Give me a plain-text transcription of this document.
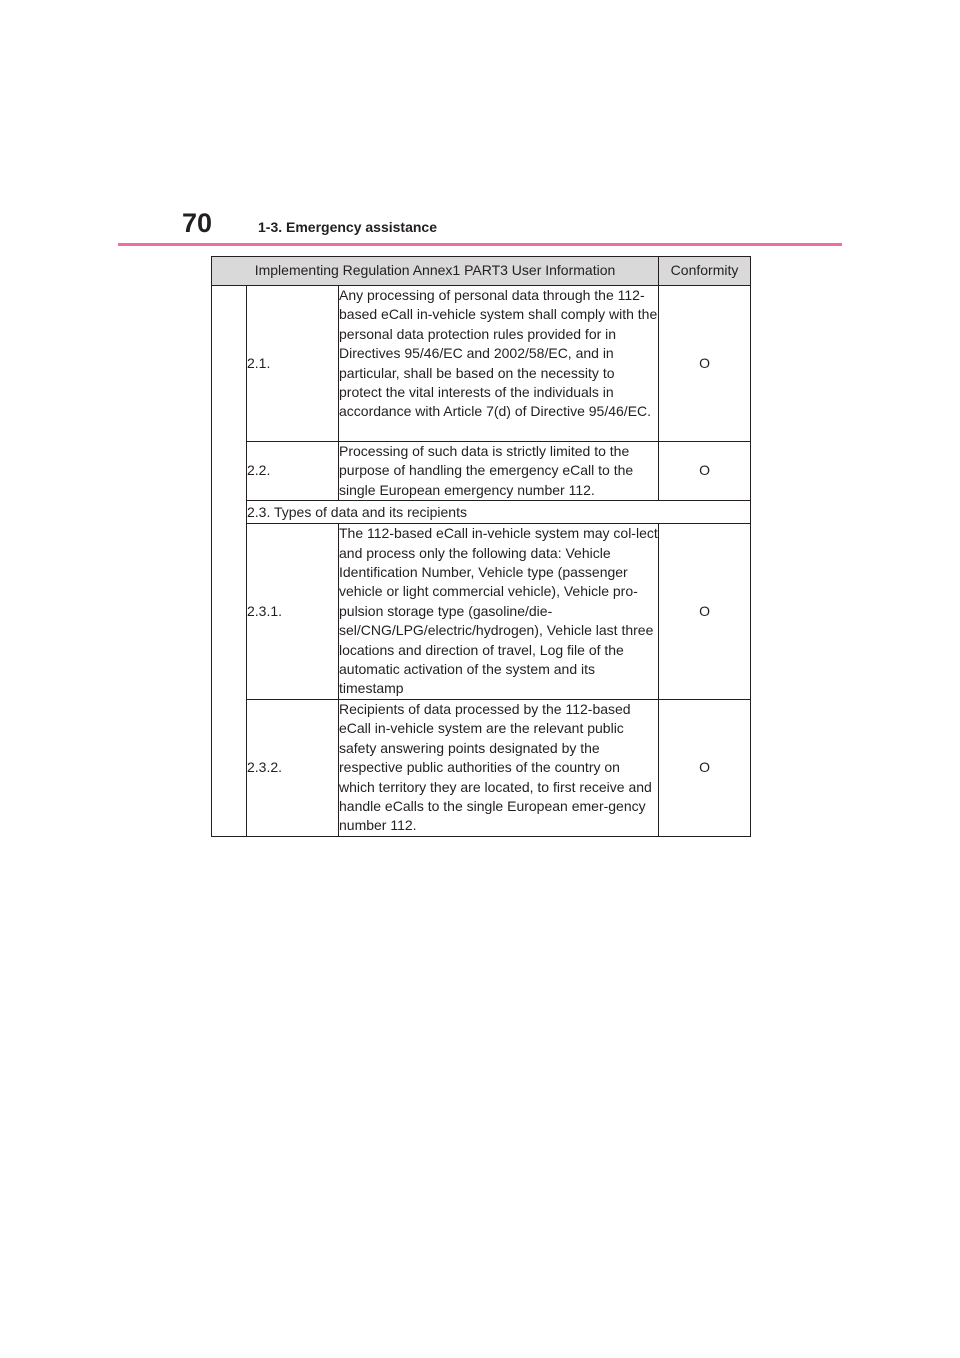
70	1-3. Emergency assistance
Implementing Regulation Annex1 PART3 User Information			Conformity
	2.1.	Any processing of personal data through the 112-based eCall in-vehicle system shall comply with the personal data protection rules provided for in Directives 95/46/EC and 2002/58/EC, and in particular, shall be based on the necessity to protect the vital interests of the individuals in accordance with Article 7(d) of Directive 95/46/EC.	O
	2.2.	Processing of such data is strictly limited to the purpose of handling the emergency eCall to the single European emergency number 112.	O
	2.3. Types of data and its recipients		
	2.3.1.	The 112-based eCall in-vehicle system may col-lect and process only the following data: Vehicle Identification Number, Vehicle type (passenger vehicle or light commercial vehicle), Vehicle pro-pulsion storage type (gasoline/die-sel/CNG/LPG/electric/hydrogen), Vehicle last three locations and direction of travel, Log file of the automatic activation of the system and its timestamp	O
	2.3.2.	Recipients of data processed by the 112-based eCall in-vehicle system are the relevant public safety answering points designated by the respective public authorities of the country on which territory they are located, to first receive and handle eCalls to the single European emer-gency number 112.	O
